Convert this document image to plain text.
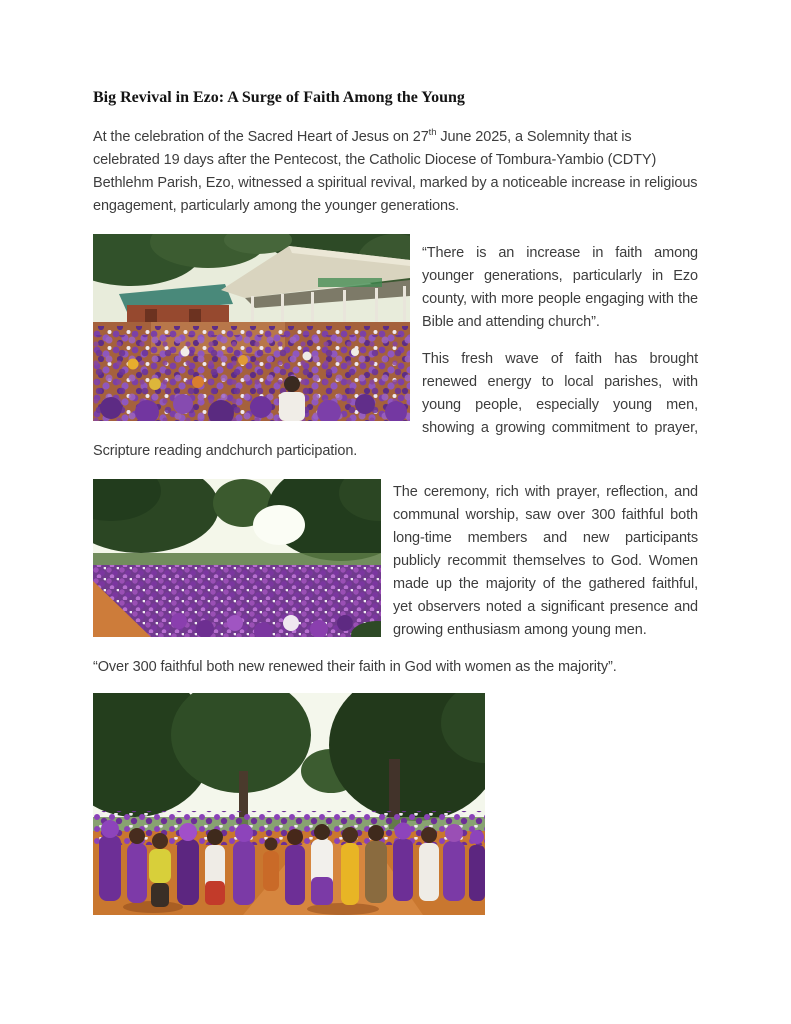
Big Revival in Ezo: A Surge of Faith Among the Young

At the celebration of the Sacred Heart of Jesus on 27th June 2025, a Solemnity that is celebrated 19 days after the Pentecost, the Catholic Diocese of Tombura-Yambio (CDTY) Bethlehm Parish, Ezo, witnessed a spiritual revival, marked by a noticeable increase in religious engagement, particularly among the younger generations.

“There is an increase in faith among younger generations, particularly in Ezo county, with more people engaging with the Bible and attending church”.

This fresh wave of faith has brought renewed energy to local parishes, with young people, especially young men, showing a growing commitment to prayer, Scripture reading andchurch participation.

The ceremony, rich with prayer, reflection, and communal worship, saw over 300 faithful both long-time members and new participants publicly recommit themselves to God. Women made up the majority of the gathered faithful, yet observers noted a significant presence and growing enthusiasm among young men.

“Over 300 faithful both new renewed their faith in God with women as the majority”.
